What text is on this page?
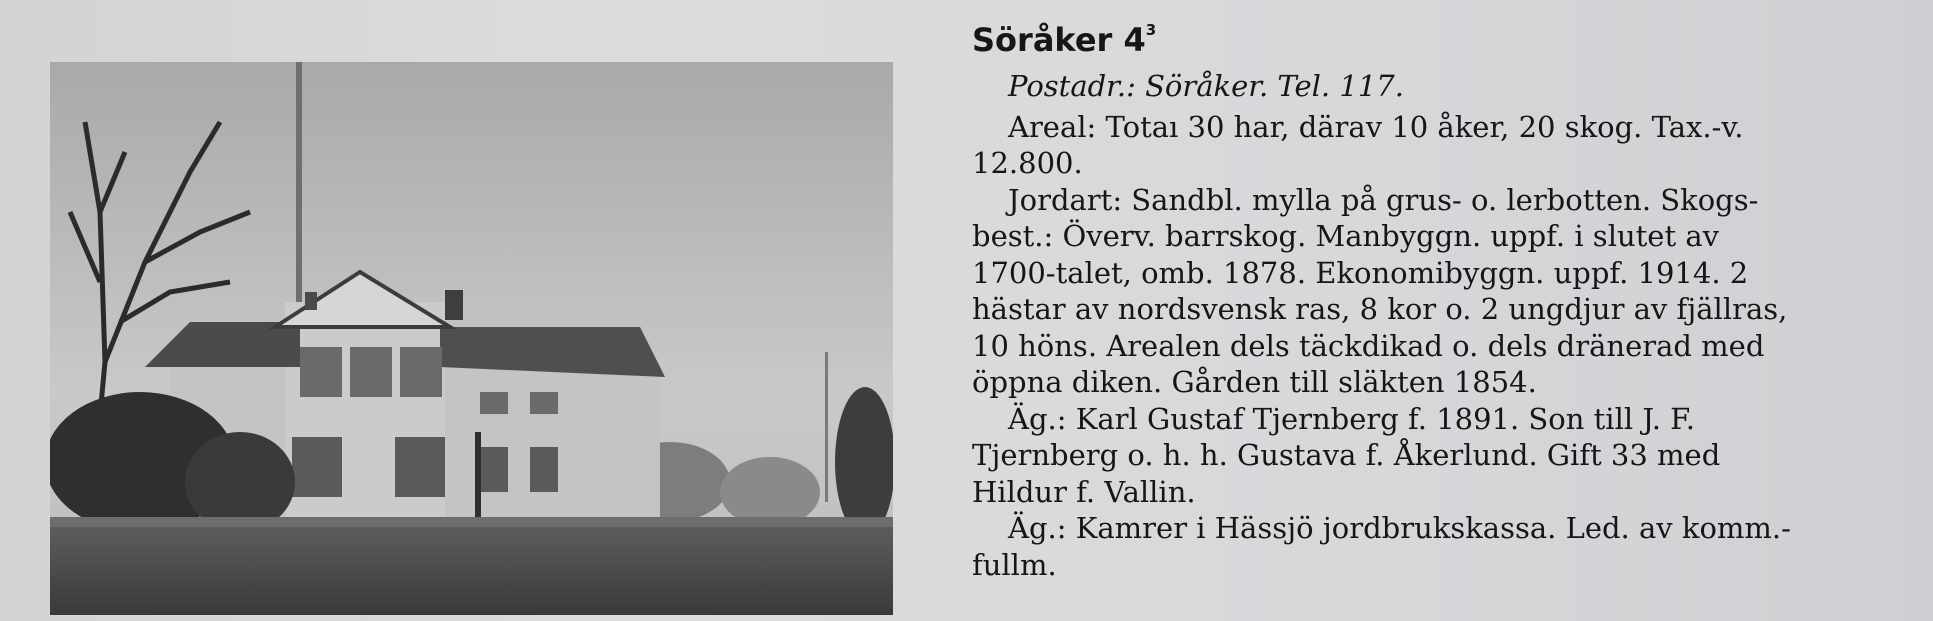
Söråker $4^3$
Postadr.: Söråker. Tel. 117.

Areal: Totaı 30 har, därav 10 åker, 20 skog. Tax.-v.
12.800.

Jordart: Sandbl. mylla på grus- o. lerbotten. Skogs-
best.: Överv. barrskog. Manbyggn. uppf. i slutet av
1700-talet, omb. 1878. Ekonomibyggn. uppf. 1914. 2
hästar av nordsvensk ras, 8 kor o. 2 ungdjur av fjällras,
10 höns. Arealen dels täckdikad o. dels dränerad med
öppna diken. Gården till släkten 1854.

Äg.: Karl Gustaf Tjernberg f. 1891. Son till J. F.
Tjernberg o. h. h. Gustava f. Åkerlund. Gift 33 med
Hildur f. Vallin.

Äg.: Kamrer i Hässjö jordbrukskassa. Led. av komm.-
fullm.
